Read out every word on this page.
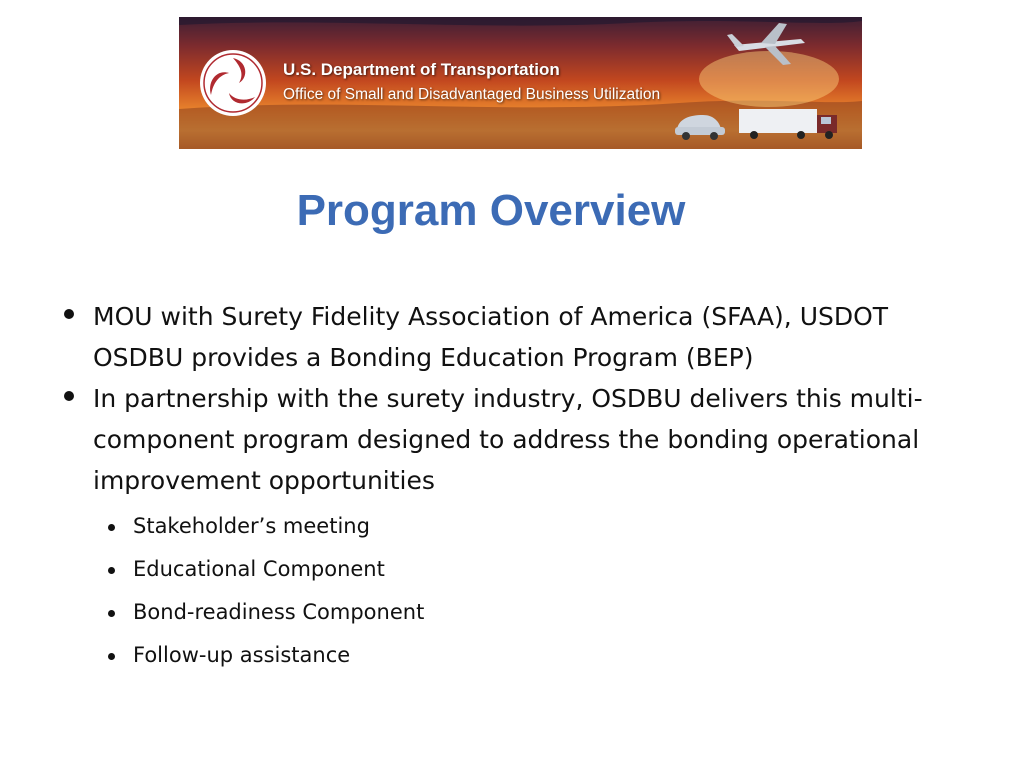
U.S. Department of Transportation
Office of Small and Disadvantaged Business Utilization
Program Overview
MOU with Surety Fidelity Association of America (SFAA), USDOT OSDBU provides a Bonding Education Program (BEP)
In partnership with the surety industry, OSDBU delivers this multi-component program designed to address the bonding operational improvement opportunities
Stakeholder’s meeting
Educational Component
Bond-readiness Component
Follow-up assistance
